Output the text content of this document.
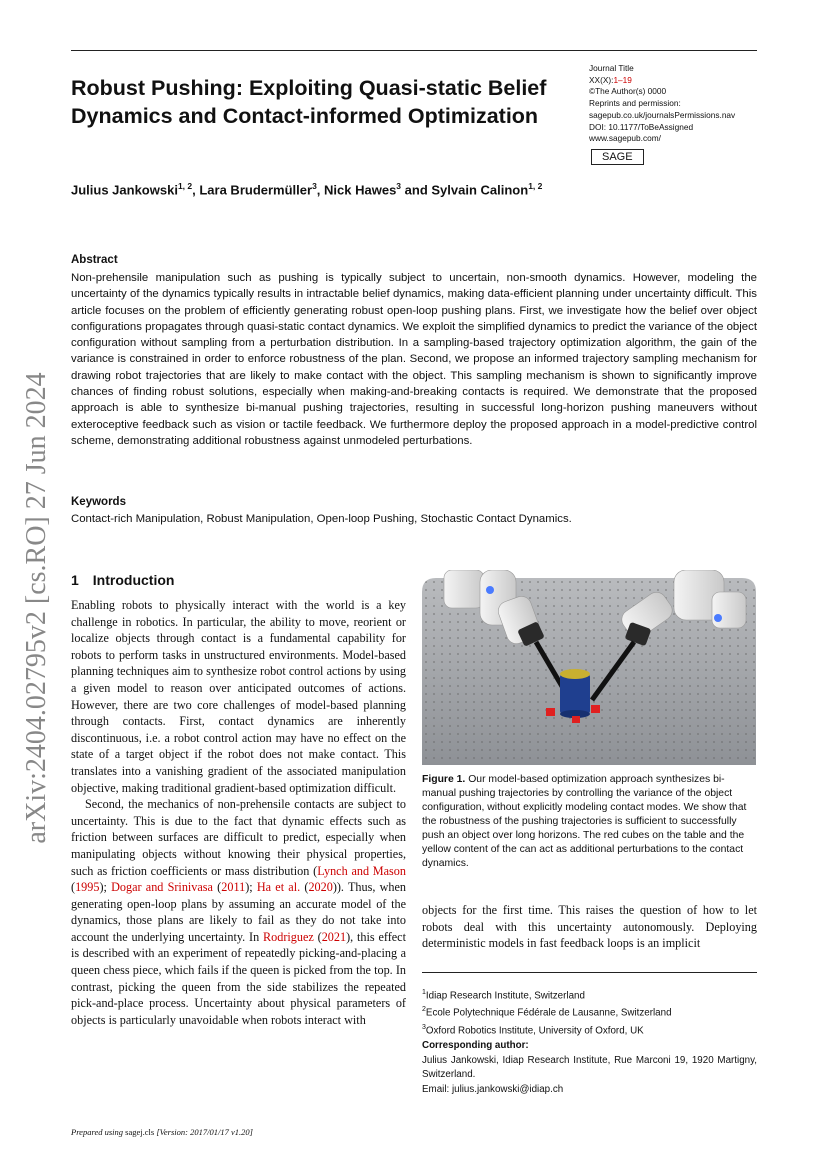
Robust Pushing: Exploiting Quasi-static Belief Dynamics and Contact-informed Optimization
Journal Title
XX(X):1–19
©The Author(s) 0000
Reprints and permission:
sagepub.co.uk/journalsPermissions.nav
DOI: 10.1177/ToBeAssigned
www.sagepub.com/
SAGE
Julius Jankowski$^{1, 2}$, Lara Brudermüller$^3$, Nick Hawes$^3$ and Sylvain Calinon$^{1, 2}$
Abstract
Non-prehensile manipulation such as pushing is typically subject to uncertain, non-smooth dynamics. However, modeling the uncertainty of the dynamics typically results in intractable belief dynamics, making data-efficient planning under uncertainty difficult. This article focuses on the problem of efficiently generating robust open-loop pushing plans. First, we investigate how the belief over object configurations propagates through quasi-static contact dynamics. We exploit the simplified dynamics to predict the variance of the object configuration without sampling from a perturbation distribution. In a sampling-based trajectory optimization algorithm, the gain of the variance is constrained in order to enforce robustness of the plan. Second, we propose an informed trajectory sampling mechanism for drawing robot trajectories that are likely to make contact with the object. This sampling mechanism is shown to significantly improve chances of finding robust solutions, especially when making-and-breaking contacts is required. We demonstrate that the proposed approach is able to synthesize bi-manual pushing trajectories, resulting in successful long-horizon pushing maneuvers without exteroceptive feedback such as vision or tactile feedback. We furthermore deploy the proposed approach in a model-predictive control scheme, demonstrating additional robustness against unmodeled perturbations.
Keywords
Contact-rich Manipulation, Robust Manipulation, Open-loop Pushing, Stochastic Contact Dynamics.
1 Introduction

Enabling robots to physically interact with the world is a key challenge in robotics. In particular, the ability to move, reorient or localize objects through contact is a fundamental capability for robots to perform tasks in unstructured environments. Model-based planning techniques aim to synthesize robot control actions by using a given model to reason over anticipated outcomes of actions. However, there are two core challenges of model-based planning through contacts. First, contact dynamics are inherently discontinuous, i.e. a robot control action may have no effect on the state of a target object if the robot does not make contact. This translates into a vanishing gradient of the associated manipulation objective, making traditional gradient-based optimization difficult.

Second, the mechanics of non-prehensile contacts are subject to uncertainty. This is due to the fact that dynamic effects such as friction between surfaces are difficult to predict, especially when manipulating objects without knowing their physical properties, such as friction coefficients or mass distribution (Lynch and Mason (1995); Dogar and Srinivasa (2011); Ha et al. (2020)). Thus, when generating open-loop plans by assuming an accurate model of the dynamics, those plans are likely to fail as they do not take into account the underlying uncertainty. In Rodriguez (2021), this effect is described with an experiment of repeatedly picking-and-placing a queen chess piece, which fails if the queen is picked from the top. In contrast, picking the queen from the side stabilizes the repeated pick-and-place process. Uncertainty about physical parameters of objects is particularly unavoidable when robots interact with

Figure 1. Our model-based optimization approach synthesizes bi-manual pushing trajectories by controlling the variance of the object configuration, without explicitly modeling contact modes. We show that the robustness of the pushing trajectories is sufficient to successfully push an object over long horizons. The red cubes on the table and the yellow content of the can act as additional perturbations to the contact dynamics.
objects for the first time. This raises the question of how to let robots deal with this uncertainty autonomously. Deploying deterministic models in fast feedback loops is an implicit
$^1$Idiap Research Institute, Switzerland
$^2$Ecole Polytechnique Fédérale de Lausanne, Switzerland
$^3$Oxford Robotics Institute, University of Oxford, UK
Corresponding author:
Julius Jankowski, Idiap Research Institute, Rue Marconi 19, 1920 Martigny, Switzerland.
Email: julius.jankowski@idiap.ch
Prepared using sagej.cls [Version: 2017/01/17 v1.20]
arXiv:2404.02795v2 [cs.RO] 27 Jun 2024
